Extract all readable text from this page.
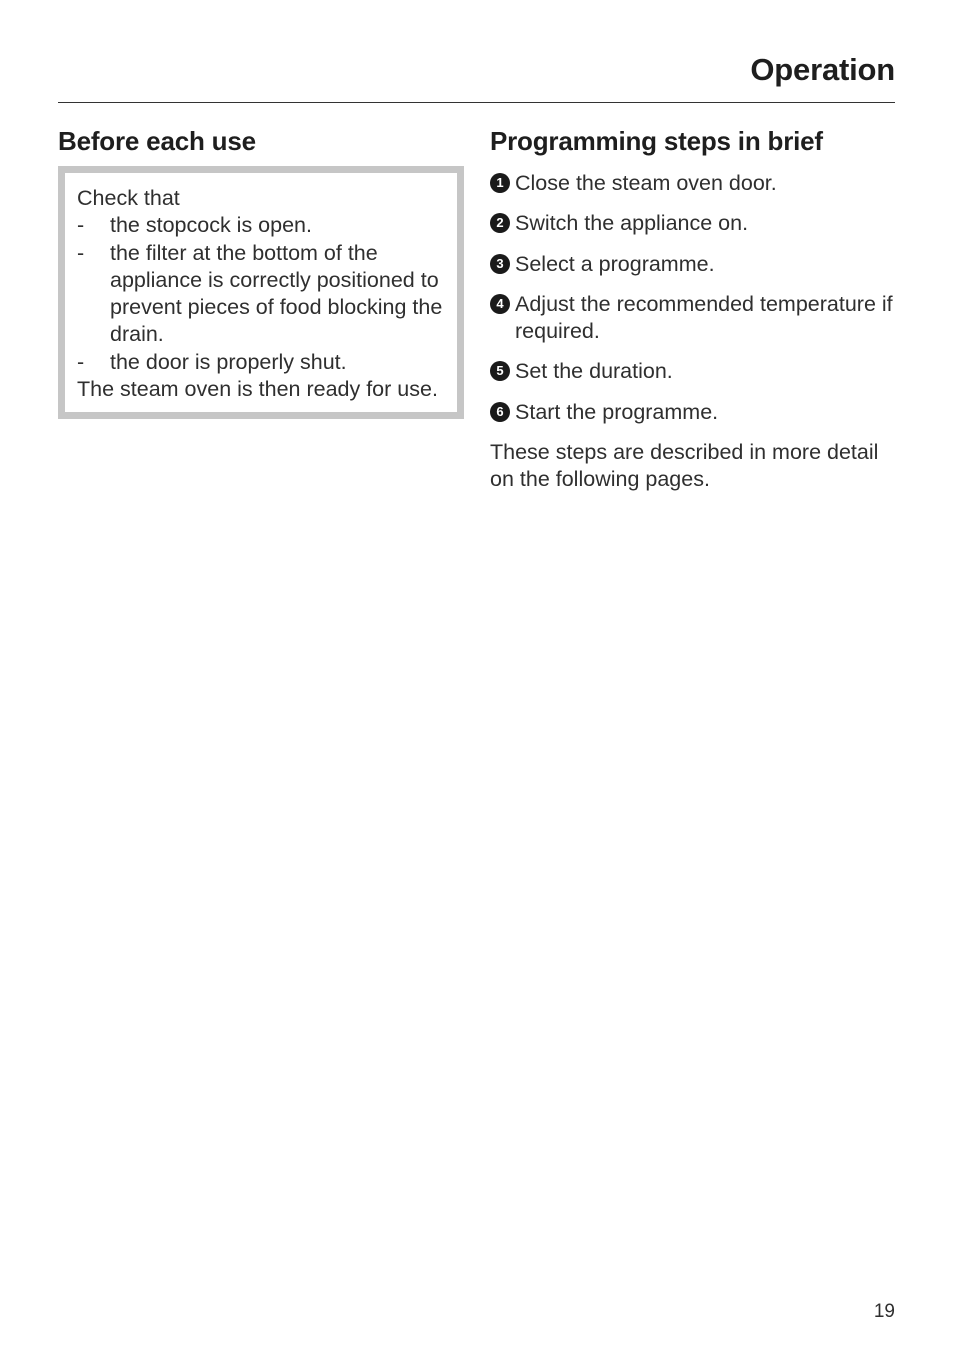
Operation
Before each use

Check that

-	the stopcock is open.
-	the filter at the bottom of the appliance is correctly positioned to prevent pieces of food blocking the drain.
-	the door is properly shut.

The steam oven is then ready for use.

Programming steps in brief
1 Close the steam oven door.
2 Switch the appliance on.
3 Select a programme.
4 Adjust the recommended temperature if required.
5 Set the duration.
6 Start the programme.

These steps are described in more detail on the following pages.

19
